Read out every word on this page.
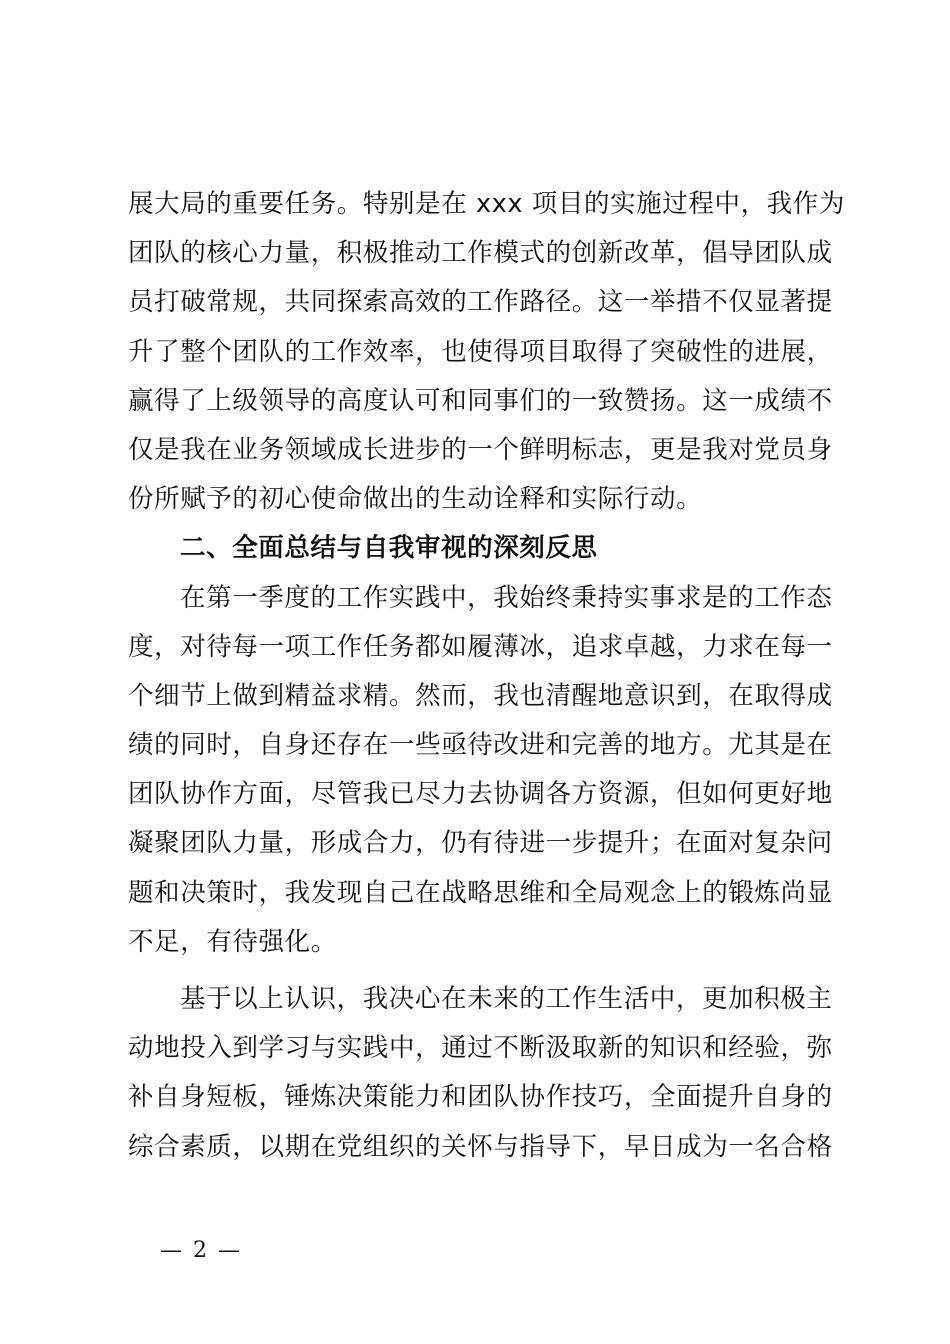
展大局的重要任务。特别是在 xxx 项目的实施过程中，我作为
团队的核心力量，积极推动工作模式的创新改革，倡导团队成
员打破常规，共同探索高效的工作路径。这一举措不仅显著提
升了整个团队的工作效率，也使得项目取得了突破性的进展，
赢得了上级领导的高度认可和同事们的一致赞扬。这一成绩不
仅是我在业务领域成长进步的一个鲜明标志，更是我对党员身
份所赋予的初心使命做出的生动诠释和实际行动。
二、全面总结与自我审视的深刻反思
在第一季度的工作实践中，我始终秉持实事求是的工作态
度，对待每一项工作任务都如履薄冰，追求卓越，力求在每一
个细节上做到精益求精。然而，我也清醒地意识到，在取得成
绩的同时，自身还存在一些亟待改进和完善的地方。尤其是在
团队协作方面，尽管我已尽力去协调各方资源，但如何更好地
凝聚团队力量，形成合力，仍有待进一步提升；在面对复杂问
题和决策时，我发现自己在战略思维和全局观念上的锻炼尚显
不足，有待强化。
基于以上认识，我决心在未来的工作生活中，更加积极主
动地投入到学习与实践中，通过不断汲取新的知识和经验，弥
补自身短板，锤炼决策能力和团队协作技巧，全面提升自身的
综合素质，以期在党组织的关怀与指导下，早日成为一名合格
— 2 —
